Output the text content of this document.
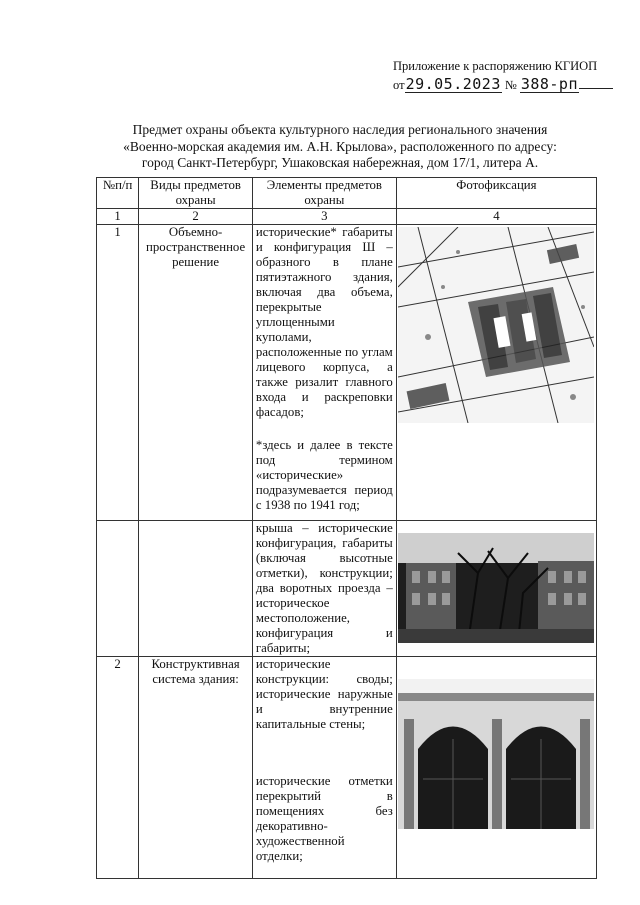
Приложение к распоряжению КГИОП
от 29.05.2023 № 388-рп
Предмет охраны объекта культурного наследия регионального значения
«Военно-морская академия им. А.Н. Крылова», расположенного по адресу:
город Санкт-Петербург, Ушаковская набережная, дом 17/1, литера А.
№п/п	Виды предметов охраны	Элементы предметов охраны	Фотофиксация
1	2	3	4
1	Объемно-пространственное решение	исторические* габариты и конфигурация Ш – образного в плане пятиэтажного здания, включая два объема, перекрытые уплощенными куполами, расположенные по углам лицевого корпуса, а также ризалит главного входа и раскреповки фасадов;

*здесь и далее в тексте под термином «исторические» подразумевается период с 1938 по 1941 год;

		крыша – исторические конфигурация, габариты (включая высотные отметки), конструкции; два воротных проезда – историческое местоположение, конфигурация и габариты;

2	Конструктивная система здания:	исторические конструкции: своды; исторические наружные и внутренние капитальные стены;

исторические отметки перекрытий в помещениях без декоративно-художественной отделки;
